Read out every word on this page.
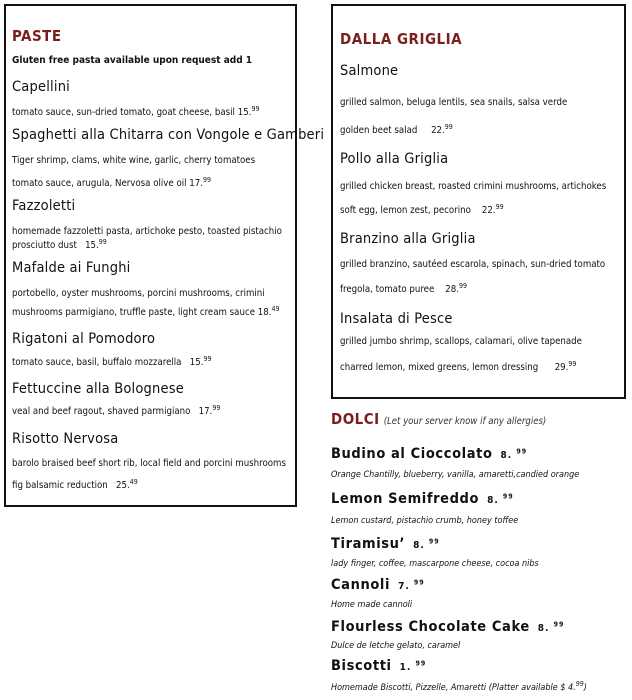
PASTE
Gluten free pasta available upon request add 1
Capellini
tomato sauce, sun-dried tomato, goat cheese, basil 15.99
Spaghetti alla Chitarra con Vongole e Gamberi
Tiger shrimp, clams, white wine, garlic, cherry tomatoes
tomato sauce, arugula, Nervosa olive oil 17.99
Fazzoletti
homemade fazzoletti pasta, artichoke pesto, toasted pistachio
prosciutto dust 15.99
Mafalde ai Funghi
portobello, oyster mushrooms, porcini mushrooms, crimini
mushrooms parmigiano, truffle paste, light cream sauce 18.49
Rigatoni al Pomodoro
tomato sauce, basil, buffalo mozzarella 15.99
Fettuccine alla Bolognese
veal and beef ragout, shaved parmigiano 17.99
Risotto Nervosa
barolo braised beef short rib, local field and porcini mushrooms
fig balsamic reduction 25.49
DALLA GRIGLIA
Salmone
grilled salmon, beluga lentils, sea snails, salsa verde
golden beet salad 22.99
Pollo alla Griglia
grilled chicken breast, roasted crimini mushrooms, artichokes
soft egg, lemon zest, pecorino 22.99
Branzino alla Griglia
grilled branzino, sautéed escarola, spinach, sun-dried tomato
fregola, tomato puree 28.99
Insalata di Pesce
grilled jumbo shrimp, scallops, calamari, olive tapenade
charred lemon, mixed greens, lemon dressing 29.99
DOLCI (Let your server know if any allergies)
Budino al Cioccolato 8. $^{99}$
Orange Chantilly, blueberry, vanilla, amaretti,candied orange
Lemon Semifreddo 8. $^{99}$
Lemon custard, pistachio crumb, honey toffee
Tiramisu’ 8. $^{99}$
lady finger, coffee, mascarpone cheese, cocoa nibs
Cannoli 7. $^{99}$
Home made cannoli
Flourless Chocolate Cake 8. $^{99}$
Dulce de letche gelato, caramel
Biscotti 1. $^{99}$
Homemade Biscotti, Pizzelle, Amaretti (Platter available $ 4.99)
